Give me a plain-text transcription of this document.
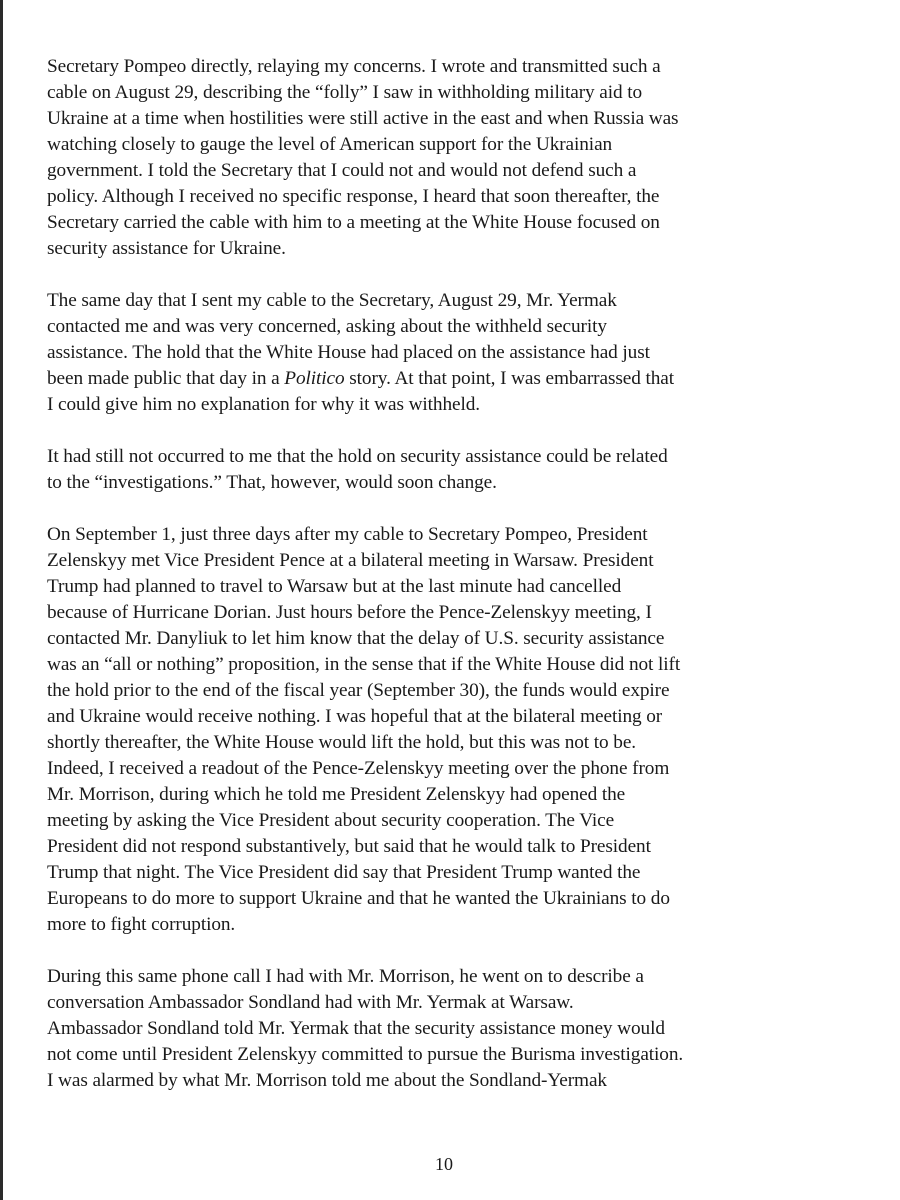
Secretary Pompeo directly, relaying my concerns. I wrote and transmitted such a
cable on August 29, describing the “folly” I saw in withholding military aid to
Ukraine at a time when hostilities were still active in the east and when Russia was
watching closely to gauge the level of American support for the Ukrainian
government. I told the Secretary that I could not and would not defend such a
policy. Although I received no specific response, I heard that soon thereafter, the
Secretary carried the cable with him to a meeting at the White House focused on
security assistance for Ukraine.

The same day that I sent my cable to the Secretary, August 29, Mr. Yermak
contacted me and was very concerned, asking about the withheld security
assistance. The hold that the White House had placed on the assistance had just
been made public that day in a Politico story. At that point, I was embarrassed that
I could give him no explanation for why it was withheld.

It had still not occurred to me that the hold on security assistance could be related
to the “investigations.” That, however, would soon change.

On September 1, just three days after my cable to Secretary Pompeo, President
Zelenskyy met Vice President Pence at a bilateral meeting in Warsaw. President
Trump had planned to travel to Warsaw but at the last minute had cancelled
because of Hurricane Dorian. Just hours before the Pence-Zelenskyy meeting, I
contacted Mr. Danyliuk to let him know that the delay of U.S. security assistance
was an “all or nothing” proposition, in the sense that if the White House did not lift
the hold prior to the end of the fiscal year (September 30), the funds would expire
and Ukraine would receive nothing. I was hopeful that at the bilateral meeting or
shortly thereafter, the White House would lift the hold, but this was not to be.
Indeed, I received a readout of the Pence-Zelenskyy meeting over the phone from
Mr. Morrison, during which he told me President Zelenskyy had opened the
meeting by asking the Vice President about security cooperation. The Vice
President did not respond substantively, but said that he would talk to President
Trump that night. The Vice President did say that President Trump wanted the
Europeans to do more to support Ukraine and that he wanted the Ukrainians to do
more to fight corruption.

During this same phone call I had with Mr. Morrison, he went on to describe a
conversation Ambassador Sondland had with Mr. Yermak at Warsaw.
Ambassador Sondland told Mr. Yermak that the security assistance money would
not come until President Zelenskyy committed to pursue the Burisma investigation.
I was alarmed by what Mr. Morrison told me about the Sondland-Yermak

10
